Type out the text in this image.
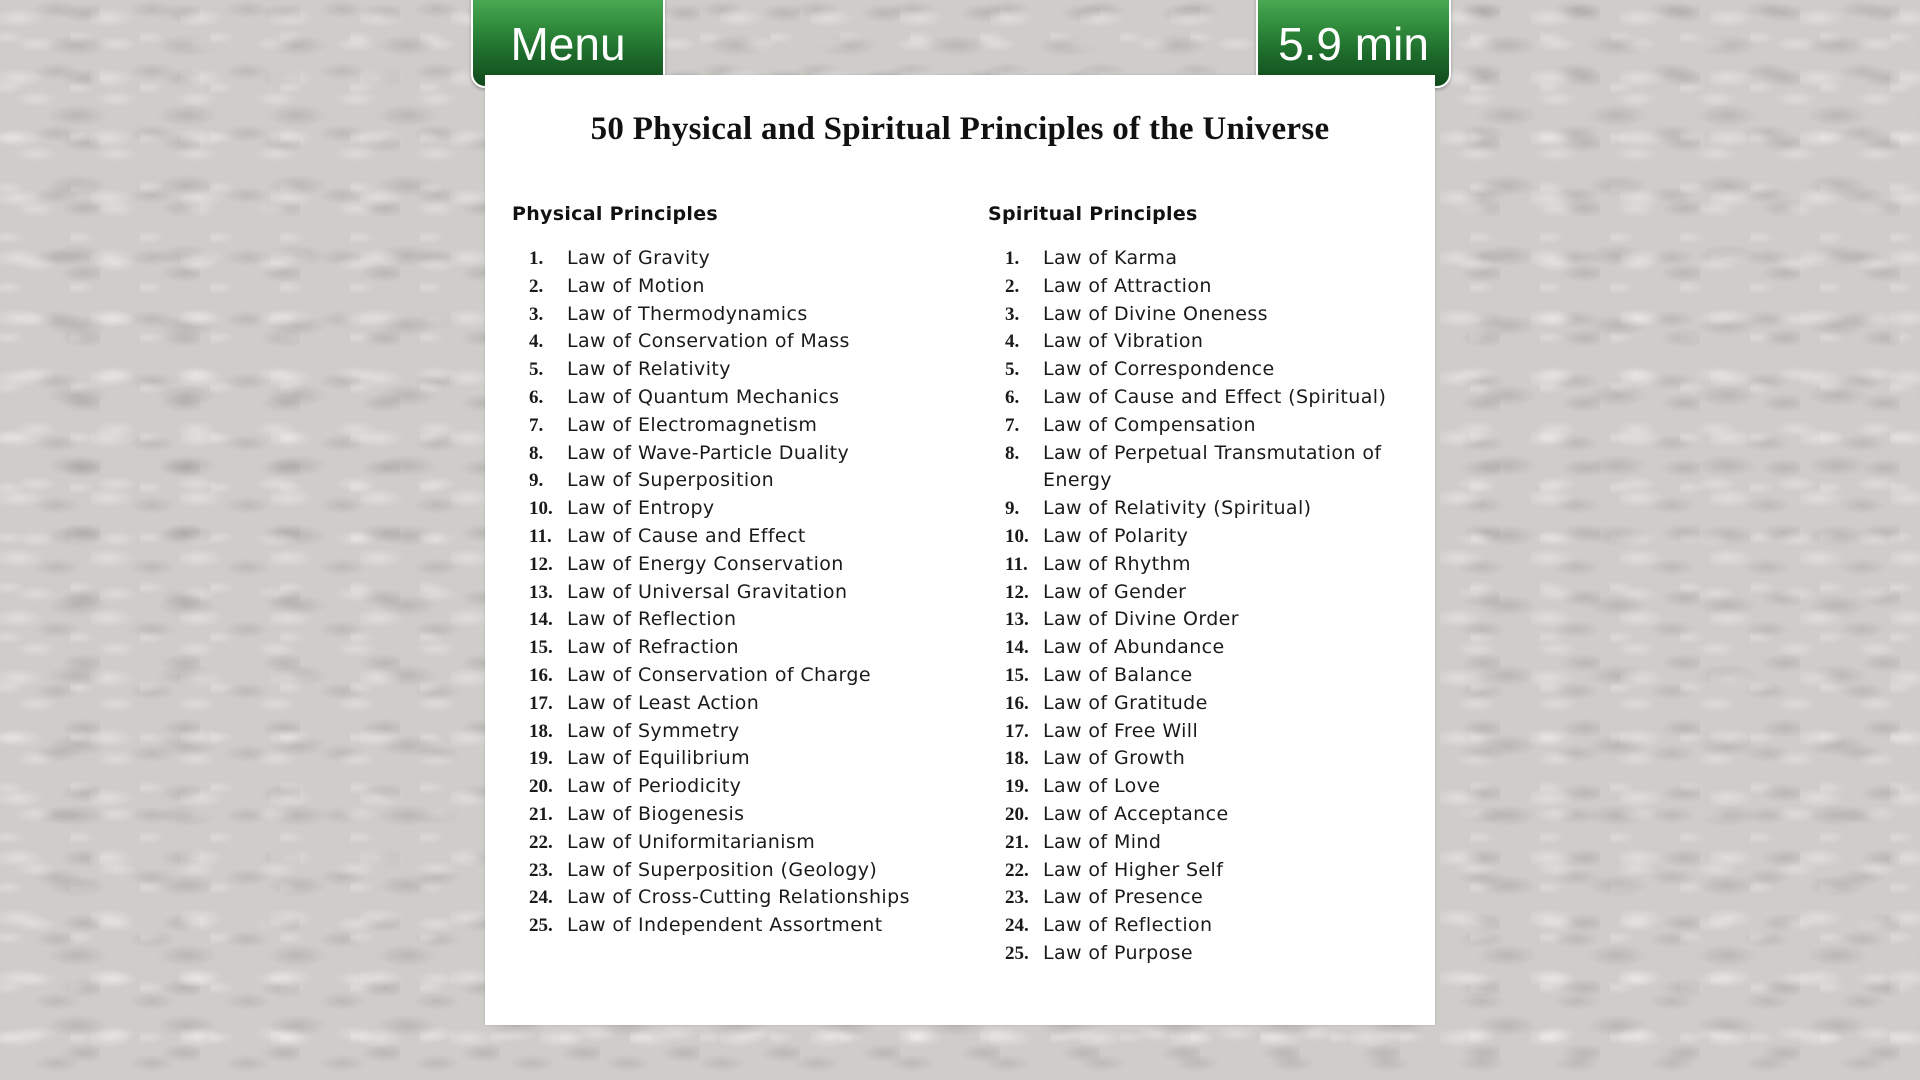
Menu	5.9 min
50 Physical and Spiritual Principles of the Universe
Physical Principles
1.	Law of Gravity
2.	Law of Motion
3.	Law of Thermodynamics
4.	Law of Conservation of Mass
5.	Law of Relativity
6.	Law of Quantum Mechanics
7.	Law of Electromagnetism
8.	Law of Wave-Particle Duality
9.	Law of Superposition
10. Law of Entropy
11. Law of Cause and Effect
12. Law of Energy Conservation
13. Law of Universal Gravitation
14. Law of Reflection
15. Law of Refraction
16. Law of Conservation of Charge
17. Law of Least Action
18. Law of Symmetry
19. Law of Equilibrium
20. Law of Periodicity
21. Law of Biogenesis
22. Law of Uniformitarianism
23. Law of Superposition (Geology)
24. Law of Cross-Cutting Relationships
25. Law of Independent Assortment
Spiritual Principles
1.	Law of Karma
2.	Law of Attraction
3.	Law of Divine Oneness
4.	Law of Vibration
5.	Law of Correspondence
6.	Law of Cause and Effect (Spiritual)
7.	Law of Compensation
8.	Law of Perpetual Transmutation of Energy
9.	Law of Relativity (Spiritual)
10. Law of Polarity
11. Law of Rhythm
12. Law of Gender
13. Law of Divine Order
14. Law of Abundance
15. Law of Balance
16. Law of Gratitude
17. Law of Free Will
18. Law of Growth
19. Law of Love
20. Law of Acceptance
21. Law of Mind
22. Law of Higher Self
23. Law of Presence
24. Law of Reflection
25. Law of Purpose
